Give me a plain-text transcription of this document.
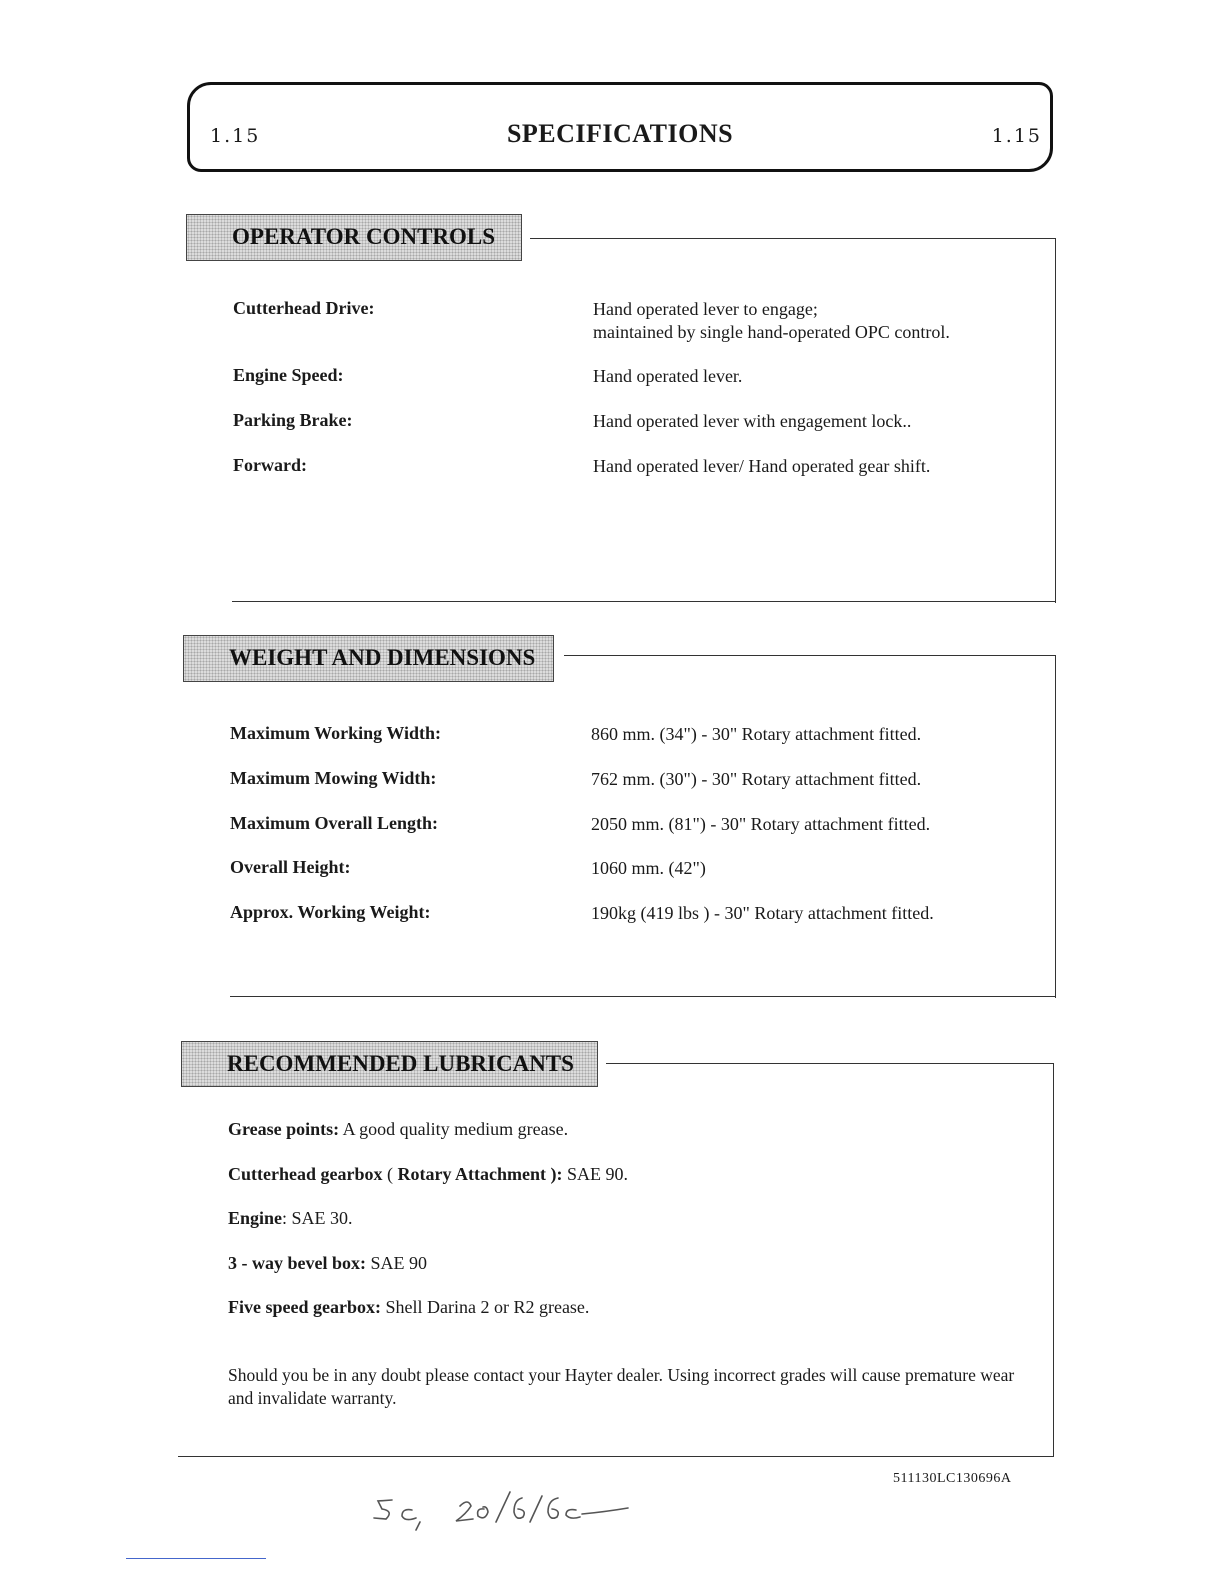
1.15	SPECIFICATIONS	1.15
OPERATOR CONTROLS
Cutterhead Drive:	Hand operated lever to engage;
maintained by single hand-operated OPC control.
Engine Speed:	Hand operated lever.
Parking Brake:	Hand operated lever with engagement lock..
Forward:	Hand operated lever/ Hand operated gear shift.
WEIGHT AND DIMENSIONS
Maximum Working Width:	860 mm. (34") - 30" Rotary attachment fitted.
Maximum Mowing Width:	762 mm. (30") - 30" Rotary attachment fitted.
Maximum Overall Length:	2050 mm. (81") - 30" Rotary attachment fitted.
Overall Height:	1060 mm. (42")
Approx. Working Weight:	190kg (419 lbs ) - 30" Rotary attachment fitted.
RECOMMENDED LUBRICANTS
Grease points: A good quality medium grease.
Cutterhead gearbox ( Rotary Attachment ): SAE 90.
Engine: SAE 30.
3 - way bevel box: SAE 90
Five speed gearbox: Shell Darina 2 or R2 grease.
Should you be in any doubt please contact your Hayter dealer. Using incorrect grades will cause premature wear and invalidate warranty.
511130LC130696A
